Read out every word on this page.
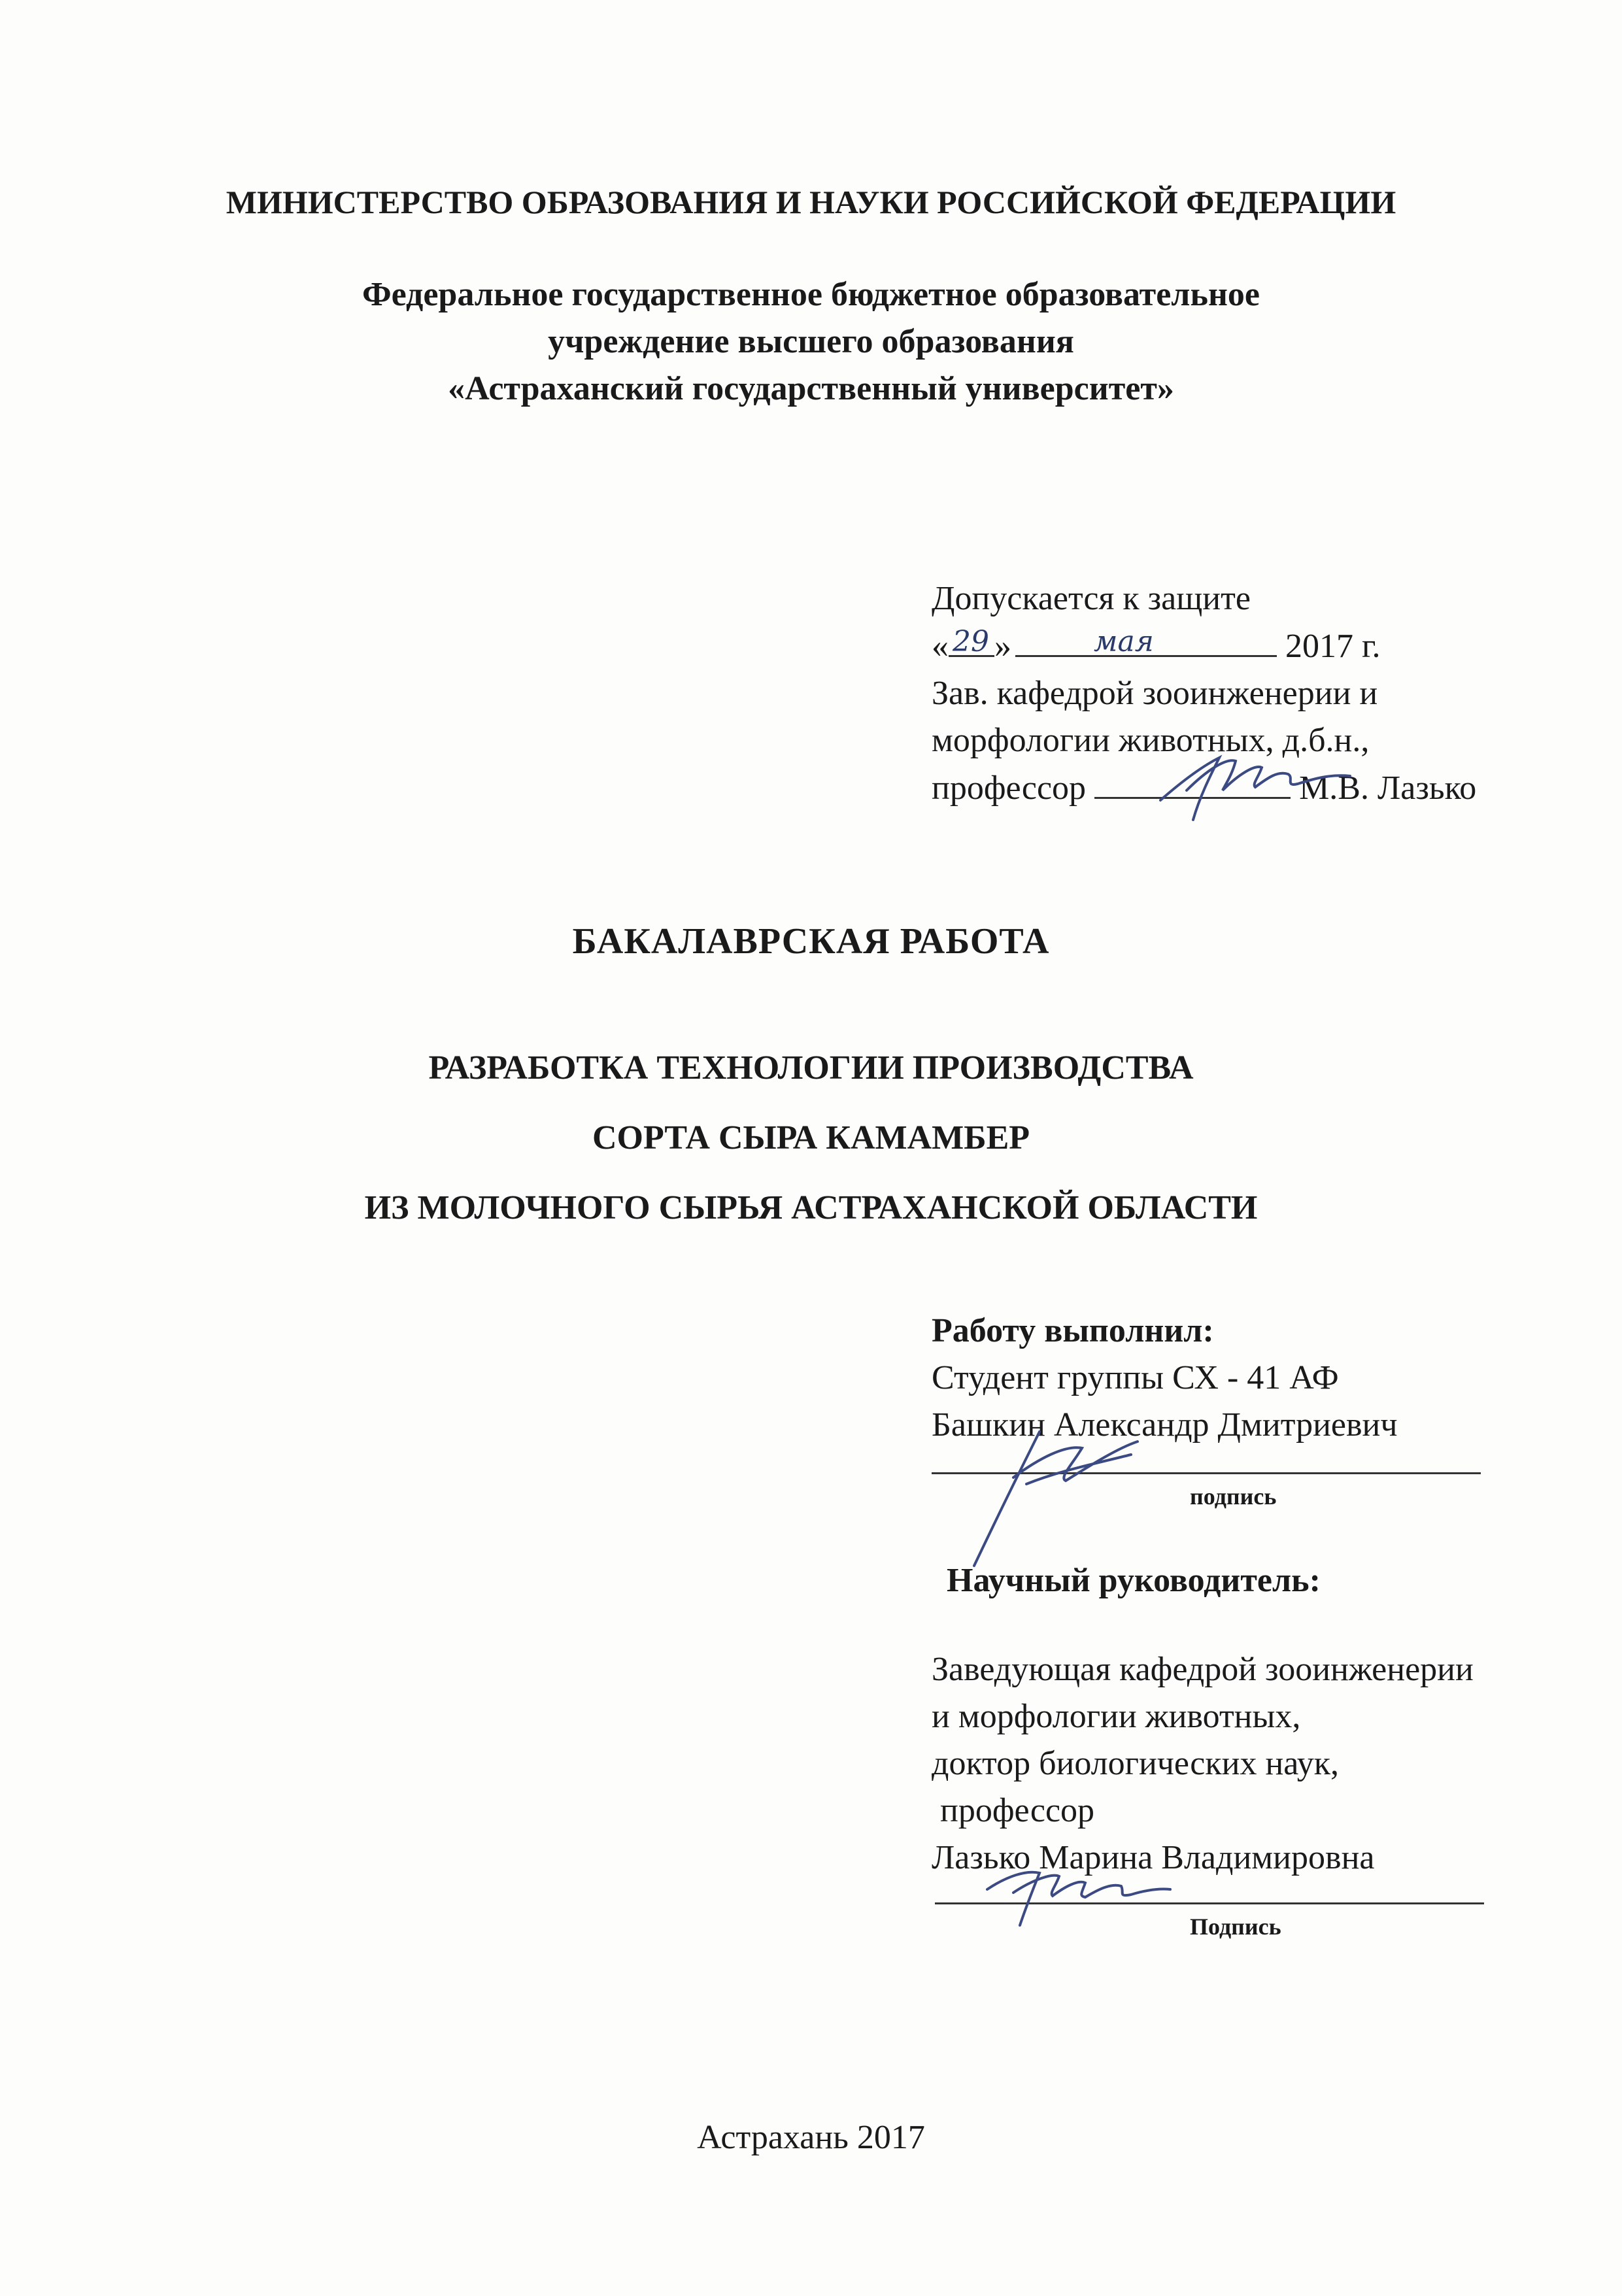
МИНИСТЕРСТВО ОБРАЗОВАНИЯ И НАУКИ РОССИЙСКОЙ ФЕДЕРАЦИИ
Федеральное государственное бюджетное образовательное
учреждение высшего образования
«Астраханский государственный университет»
Допускается к защите
« 29 »	мая	2017 г.
Зав. кафедрой зооинженерии и
морфологии животных, д.б.н.,
профессор	М.В. Лазько
БАКАЛАВРСКАЯ РАБОТА
РАЗРАБОТКА ТЕХНОЛОГИИ ПРОИЗВОДСТВА
СОРТА СЫРА КАМАМБЕР
ИЗ МОЛОЧНОГО СЫРЬЯ АСТРАХАНСКОЙ ОБЛАСТИ
Работу выполнил:
Студент группы СХ - 41 АФ
Башкин Александр Дмитриевич
подпись
Научный руководитель:
Заведующая кафедрой зооинженерии
и морфологии животных,
доктор биологических наук,
профессор
Лазько Марина Владимировна
Подпись
Астрахань 2017
